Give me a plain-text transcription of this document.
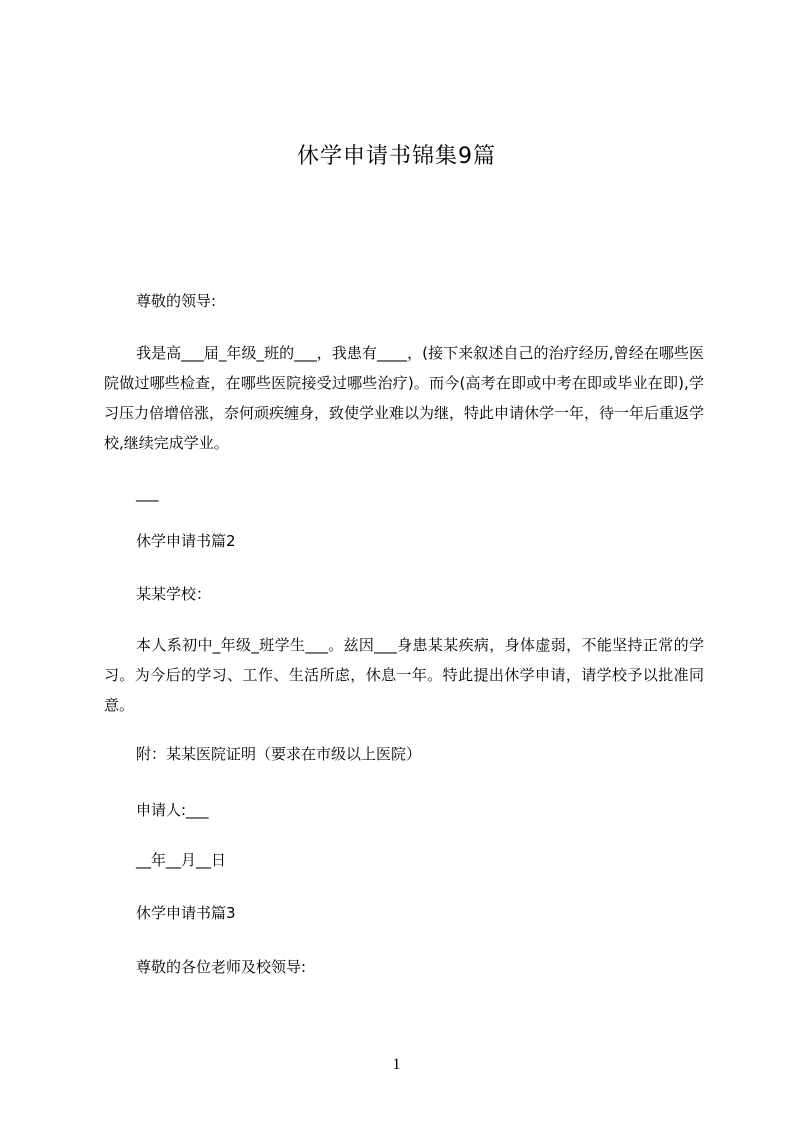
休学申请书锦集9篇
尊敬的领导:
我是高___届_年级_班的___，我患有____，(接下来叙述自己的治疗经历,曾经在哪些医院做过哪些检查，在哪些医院接受过哪些治疗)。而今(高考在即或中考在即或毕业在即),学习压力倍增倍涨，奈何顽疾缠身，致使学业难以为继，特此申请休学一年，待一年后重返学校,继续完成学业。
___
休学申请书篇2
某某学校：
本人系初中_年级_班学生___。兹因___身患某某疾病，身体虚弱，不能坚持正常的学习。为今后的学习、工作、生活所虑，休息一年。特此提出休学申请，请学校予以批准同意。
附：某某医院证明（要求在市级以上医院）
申请人:___
__年__月__日
休学申请书篇3
尊敬的各位老师及校领导:
1
